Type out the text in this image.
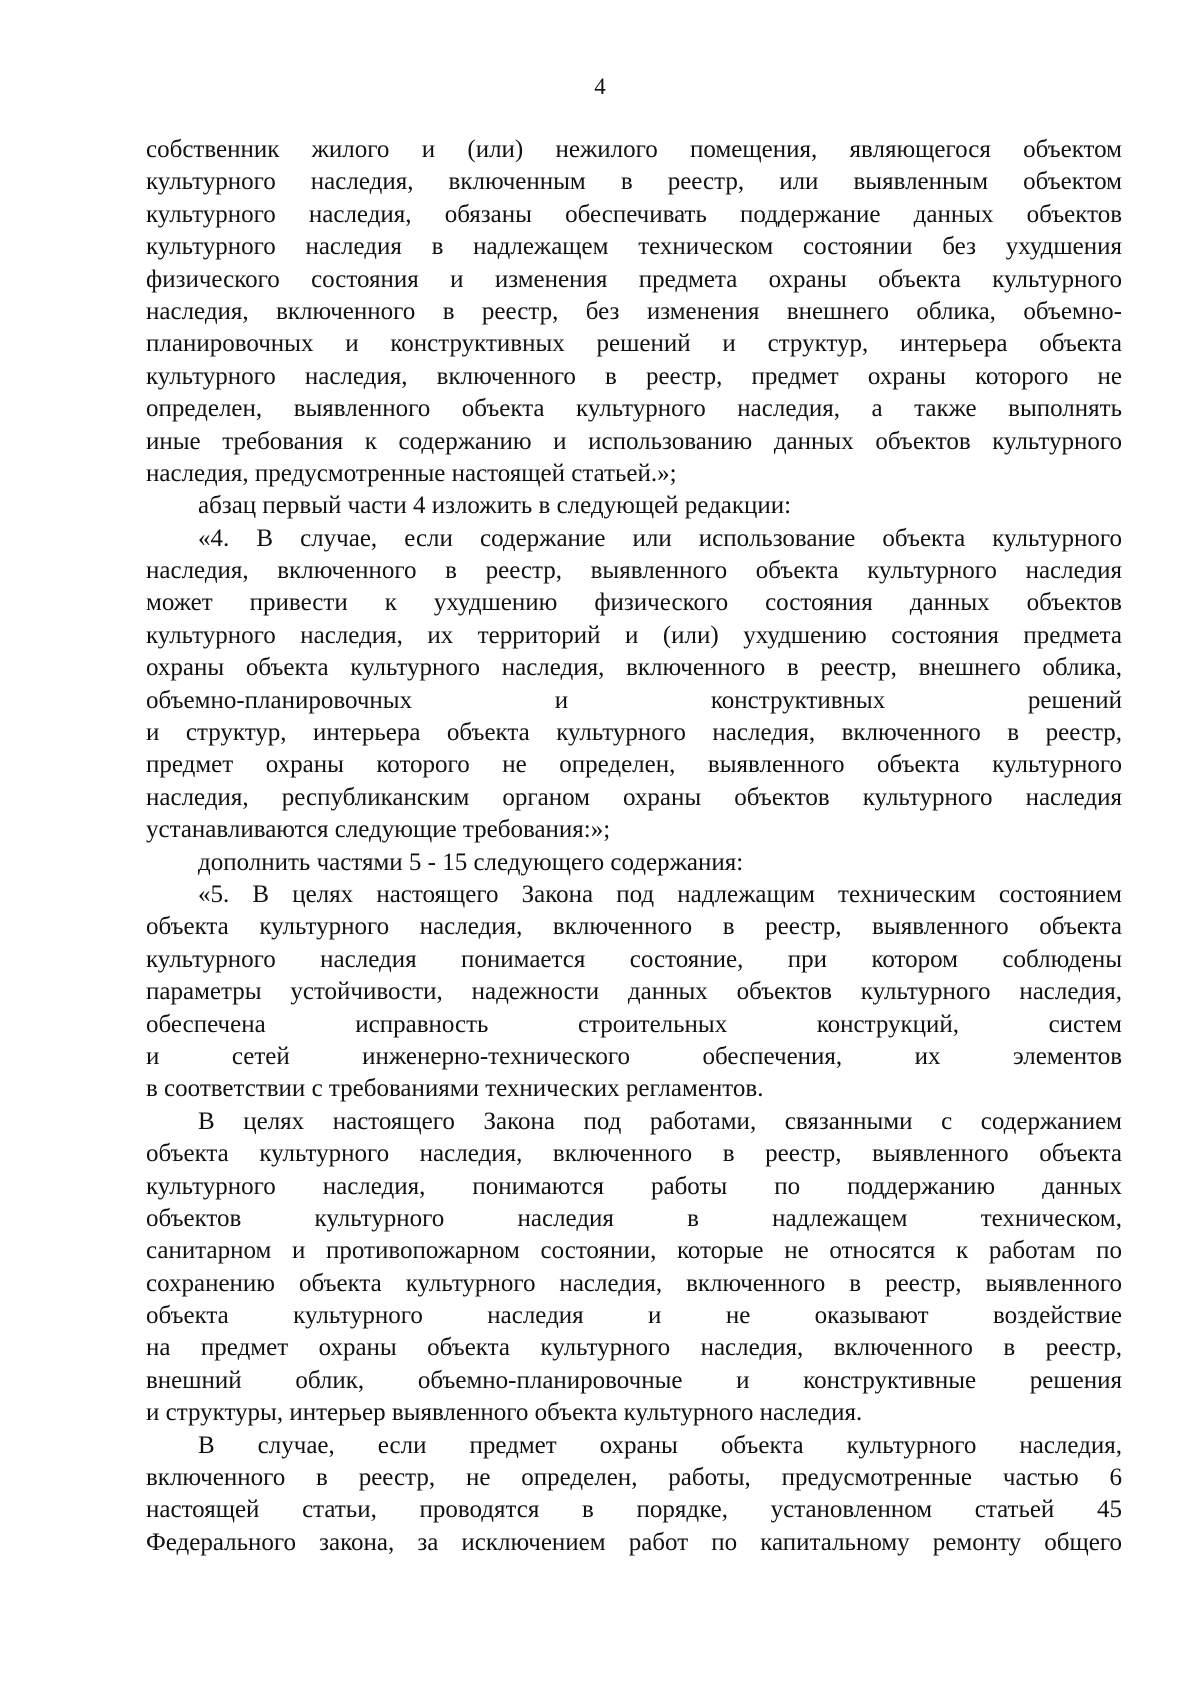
4
собственник жилого и (или) нежилого помещения, являющегося объектом
культурного наследия, включенным в реестр, или выявленным объектом
культурного наследия, обязаны обеспечивать поддержание данных объектов
культурного наследия в надлежащем техническом состоянии без ухудшения
физического состояния и изменения предмета охраны объекта культурного
наследия, включенного в реестр, без изменения внешнего облика, объемно-
планировочных и конструктивных решений и структур, интерьера объекта
культурного наследия, включенного в реестр, предмет охраны которого не
определен, выявленного объекта культурного наследия, а также выполнять
иные требования к содержанию и использованию данных объектов культурного
наследия, предусмотренные настоящей статьей.»;
абзац первый части 4 изложить в следующей редакции:
«4. В случае, если содержание или использование объекта культурного
наследия, включенного в реестр, выявленного объекта культурного наследия
может привести к ухудшению физического состояния данных объектов
культурного наследия, их территорий и (или) ухудшению состояния предмета
охраны объекта культурного наследия, включенного в реестр, внешнего облика,
объемно-планировочных и конструктивных решений
и структур, интерьера объекта культурного наследия, включенного в реестр,
предмет охраны которого не определен, выявленного объекта культурного
наследия, республиканским органом охраны объектов культурного наследия
устанавливаются следующие требования:»;
дополнить частями 5 - 15 следующего содержания:
«5. В целях настоящего Закона под надлежащим техническим состоянием
объекта культурного наследия, включенного в реестр, выявленного объекта
культурного наследия понимается состояние, при котором соблюдены
параметры устойчивости, надежности данных объектов культурного наследия,
обеспечена исправность строительных конструкций, систем
и сетей инженерно-технического обеспечения, их элементов
в соответствии с требованиями технических регламентов.
В целях настоящего Закона под работами, связанными с содержанием
объекта культурного наследия, включенного в реестр, выявленного объекта
культурного наследия, понимаются работы по поддержанию данных
объектов культурного наследия в надлежащем техническом,
санитарном и противопожарном состоянии, которые не относятся к работам по
сохранению объекта культурного наследия, включенного в реестр, выявленного
объекта культурного наследия и не оказывают воздействие
на предмет охраны объекта культурного наследия, включенного в реестр,
внешний облик, объемно-планировочные и конструктивные решения
и структуры, интерьер выявленного объекта культурного наследия.
В случае, если предмет охраны объекта культурного наследия,
включенного в реестр, не определен, работы, предусмотренные частью 6
настоящей статьи, проводятся в порядке, установленном статьей 45
Федерального закона, за исключением работ по капитальному ремонту общего
